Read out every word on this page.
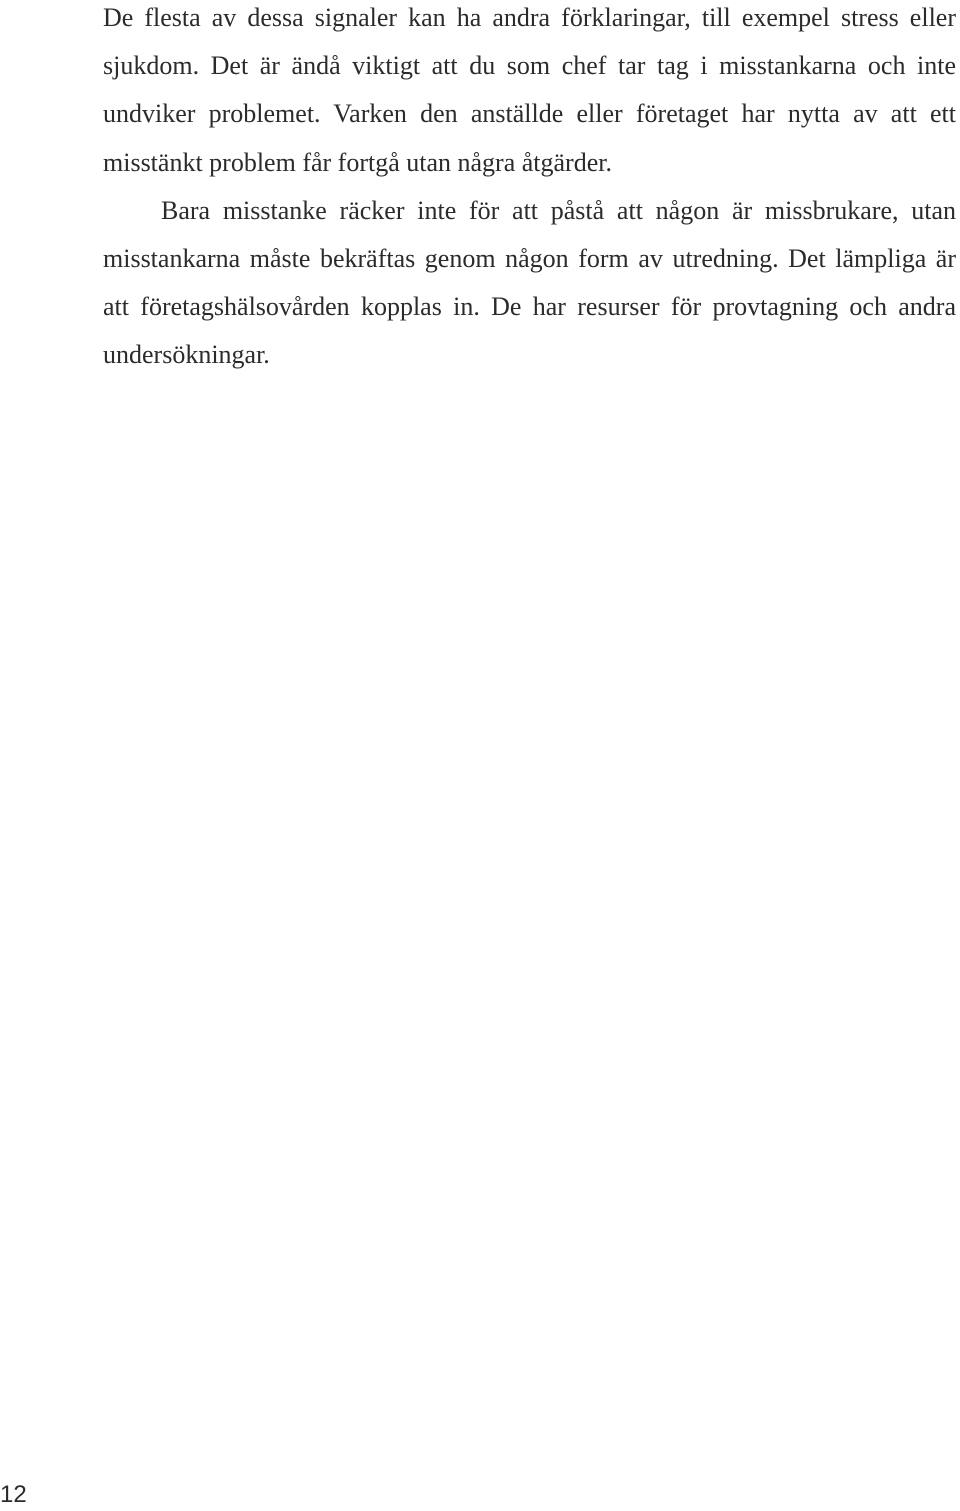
De flesta av dessa signaler kan ha andra förklaringar, till exempel stress eller sjukdom. Det är ändå viktigt att du som chef tar tag i misstankarna och inte undviker problemet. Varken den anställde eller företaget har nytta av att ett misstänkt problem får fortgå utan några åtgärder.

Bara misstanke räcker inte för att påstå att någon är missbrukare, utan misstankarna måste bekräftas genom någon form av utredning. Det lämpliga är att företagshälsovården kopplas in. De har resurser för provtagning och andra undersökningar.

12
